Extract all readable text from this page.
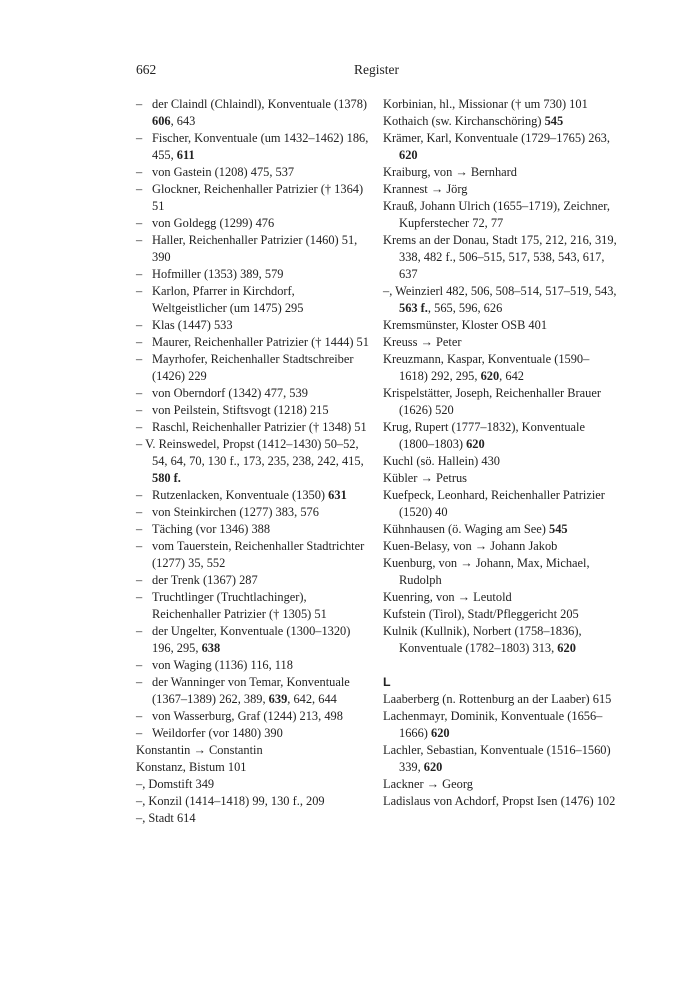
662	Register
– der Claindl (Chlaindl), Konventuale (1378) 606, 643
– Fischer, Konventuale (um 1432–1462) 186, 455, 611
– von Gastein (1208) 475, 537
– Glockner, Reichenhaller Patrizier († 1364) 51
– von Goldegg (1299) 476
– Haller, Reichenhaller Patrizier (1460) 51, 390
– Hofmiller (1353) 389, 579
– Karlon, Pfarrer in Kirchdorf, Weltgeistlicher (um 1475) 295
– Klas (1447) 533
– Maurer, Reichenhaller Patrizier († 1444) 51
– Mayrhofer, Reichenhaller Stadtschreiber (1426) 229
– von Oberndorf (1342) 477, 539
– von Peilstein, Stiftsvogt (1218) 215
– Raschl, Reichenhaller Patrizier († 1348) 51
– V. Reinswedel, Propst (1412–1430) 50–52, 54, 64, 70, 130 f., 173, 235, 238, 242, 415, 580 f.
– Rutzenlacken, Konventuale (1350) 631
– von Steinkirchen (1277) 383, 576
– Täching (vor 1346) 388
– vom Tauerstein, Reichenhaller Stadtrichter (1277) 35, 552
– der Trenk (1367) 287
– Truchtlinger (Truchtlachinger), Reichenhaller Patrizier († 1305) 51
– der Ungelter, Konventuale (1300–1320) 196, 295, 638
– von Waging (1136) 116, 118
– der Wanninger von Temar, Konventuale (1367–1389) 262, 389, 639, 642, 644
– von Wasserburg, Graf (1244) 213, 498
– Weildorfer (vor 1480) 390
Konstantin → Constantin
Konstanz, Bistum 101
–, Domstift 349
–, Konzil (1414–1418) 99, 130 f., 209
–, Stadt 614
Korbinian, hl., Missionar († um 730) 101
Kothaich (sw. Kirchanschöring) 545
Krämer, Karl, Konventuale (1729–1765) 263, 620
Kraiburg, von → Bernhard
Krannest → Jörg
Krauß, Johann Ulrich (1655–1719), Zeichner, Kupferstecher 72, 77
Krems an der Donau, Stadt 175, 212, 216, 319, 338, 482 f., 506–515, 517, 538, 543, 617, 637
–, Weinzierl 482, 506, 508–514, 517–519, 543, 563 f., 565, 596, 626
Kremsmünster, Kloster OSB 401
Kreuss → Peter
Kreuzmann, Kaspar, Konventuale (1590–1618) 292, 295, 620, 642
Krispelstätter, Joseph, Reichenhaller Brauer (1626) 520
Krug, Rupert (1777–1832), Konventuale (1800–1803) 620
Kuchl (sö. Hallein) 430
Kübler → Petrus
Kuefpeck, Leonhard, Reichenhaller Patrizier (1520) 40
Kühnhausen (ö. Waging am See) 545
Kuen-Belasy, von → Johann Jakob
Kuenburg, von → Johann, Max, Michael, Rudolph
Kuenring, von → Leutold
Kufstein (Tirol), Stadt/Pfleggericht 205
Kulnik (Kullnik), Norbert (1758–1836), Konventuale (1782–1803) 313, 620
L
Laaberberg (n. Rottenburg an der Laaber) 615
Lachenmayr, Dominik, Konventuale (1656–1666) 620
Lachler, Sebastian, Konventuale (1516–1560) 339, 620
Lackner → Georg
Ladislaus von Achdorf, Propst Isen (1476) 102
